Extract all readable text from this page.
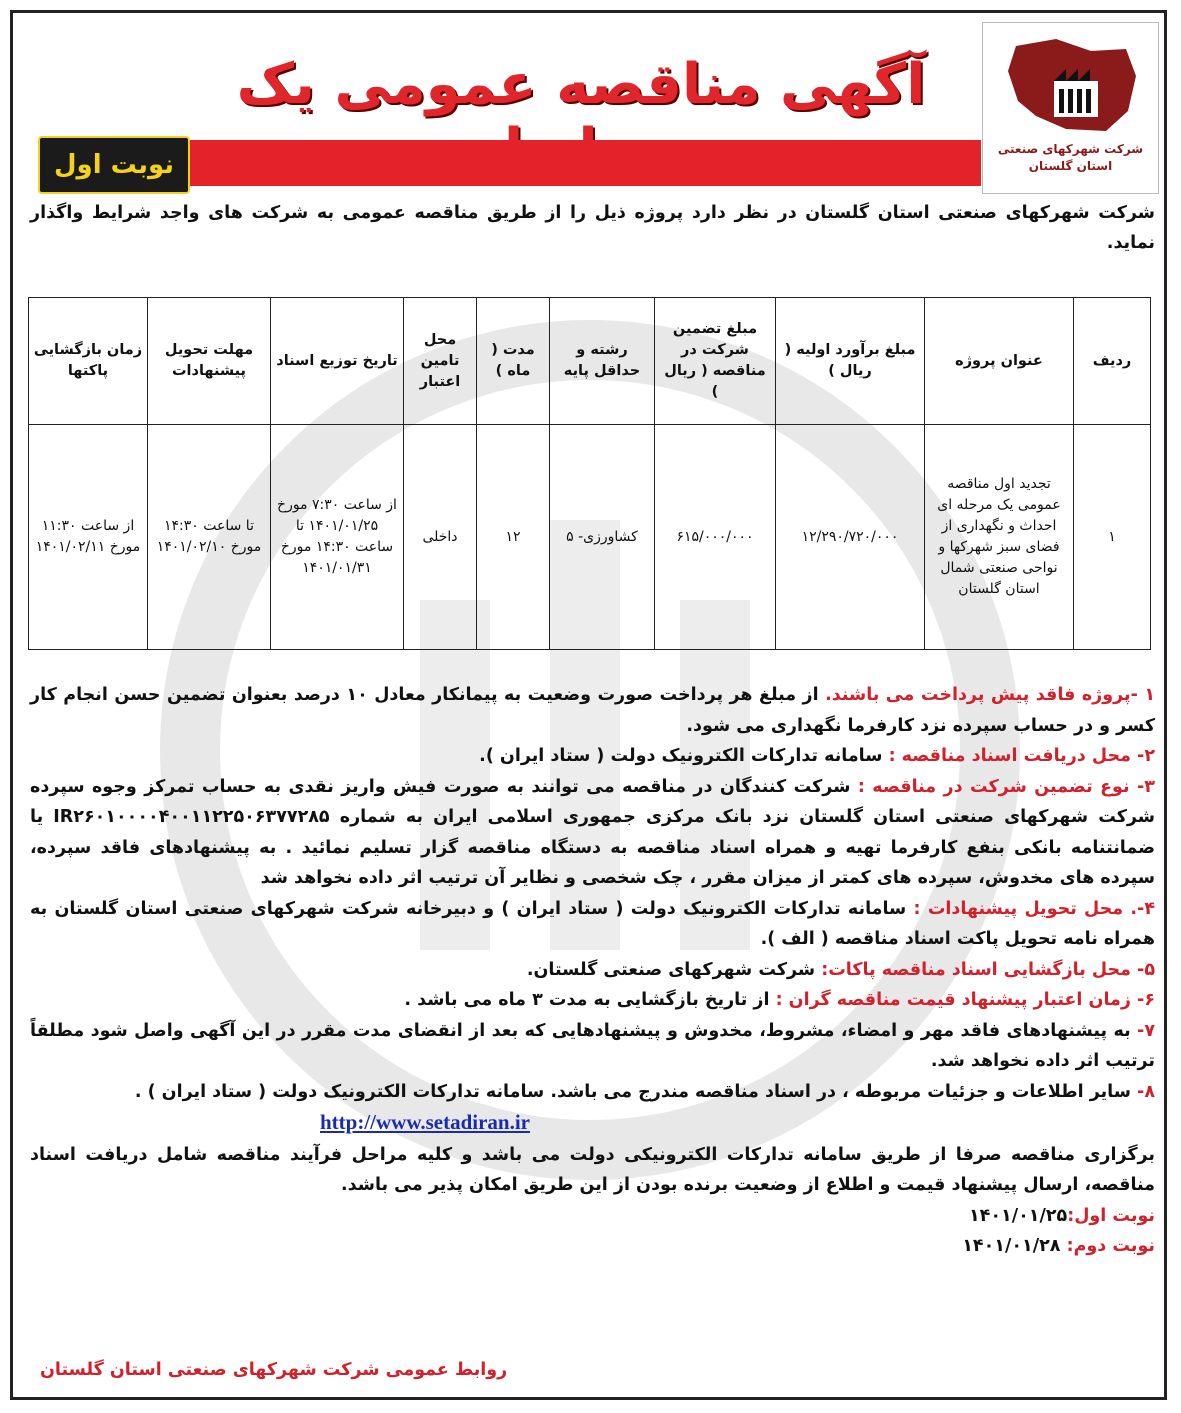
شرکت شهرکهای صنعتی
استان گلستان
آگهی مناقصه عمومی یک
نوبت اول
شرکت شهرکهای صنعتی استان گلستان در نظر دارد پروژه ذیل را از طریق مناقصه عمومی به شرکت های واجد شرایط واگذار نماید.
ردیف	عنوان پروژه	مبلغ برآورد اولیه ( ریال )	مبلغ تضمین شرکت در مناقصه ( ریال )	رشته و حداقل پایه	مدت ( ماه )	محل تامین اعتبار	تاریخ توزیع اسناد	مهلت تحویل پیشنهادات	زمان بازگشایی پاکتها
۱	تجدید اول مناقصه عمومی یک مرحله ای احداث و نگهداری از فضای سبز شهرکها و نواحی صنعتی شمال استان گلستان	۱۲/۲۹۰/۷۲۰/۰۰۰	۶۱۵/۰۰۰/۰۰۰	کشاورزی- ۵	۱۲	داخلی	از ساعت ۷:۳۰ مورخ ۱۴۰۱/۰۱/۲۵ تا ساعت ۱۴:۳۰ مورخ ۱۴۰۱/۰۱/۳۱	تا ساعت ۱۴:۳۰ مورخ ۱۴۰۱/۰۲/۱۰	از ساعت ۱۱:۳۰ مورخ ۱۴۰۱/۰۲/۱۱

۱ -پروژه فاقد پیش پرداخت می باشند. از مبلغ هر پرداخت صورت وضعیت به پیمانکار معادل ۱۰ درصد بعنوان تضمین حسن انجام کار کسر و در حساب سپرده نزد کارفرما نگهداری می شود.

۲- محل دریافت اسناد مناقصه : سامانه تدارکات الکترونیک دولت ( ستاد ایران ).

۳- نوع تضمین شرکت در مناقصه : شرکت کنندگان در مناقصه می توانند به صورت فیش واریز نقدی به حساب تمرکز وجوه سپرده شرکت شهرکهای صنعتی استان گلستان نزد بانک مرکزی جمهوری اسلامی ایران به شماره IR۲۶۰۱۰۰۰۰۴۰۰۱۱۲۲۵۰۶۳۷۷۲۸۵ یا ضمانتنامه بانکی بنفع کارفرما تهیه و همراه اسناد مناقصه به دستگاه مناقصه گزار تسلیم نمائید . به پیشنهادهای فاقد سپرده، سپرده های مخدوش، سپرده های کمتر از میزان مقرر ، چک شخصی و نظایر آن ترتیب اثر داده نخواهد شد

۴-. محل تحویل پیشنهادات : سامانه تدارکات الکترونیک دولت ( ستاد ایران ) و دبیرخانه شرکت شهرکهای صنعتی استان گلستان به همراه نامه تحویل پاکت اسناد مناقصه ( الف ).

۵- محل بازگشایی اسناد مناقصه پاکات: شرکت شهرکهای صنعتی گلستان.

۶- زمان اعتبار پیشنهاد قیمت مناقصه گران : از تاریخ بازگشایی به مدت ۳ ماه می باشد .

۷- به پیشنهادهای فاقد مهر و امضاء، مشروط، مخدوش و پیشنهادهایی که بعد از انقضای مدت مقرر در این آگهی واصل شود مطلقاً ترتیب اثر داده نخواهد شد.

۸- سایر اطلاعات و جزئیات مربوطه ، در اسناد مناقصه مندرج می باشد. سامانه تدارکات الکترونیک دولت ( ستاد ایران ) .

http://www.setadiran.ir

برگزاری مناقصه صرفا از طریق سامانه تدارکات الکترونیکی دولت می باشد و کلیه مراحل فرآیند مناقصه شامل دریافت اسناد مناقصه، ارسال پیشنهاد قیمت و اطلاع از وضعیت برنده بودن از این طریق امکان پذیر می باشد.

نوبت اول:۱۴۰۱/۰۱/۲۵

نوبت دوم: ۱۴۰۱/۰۱/۲۸

روابط عمومی شرکت شهرکهای صنعتی استان گلستان
